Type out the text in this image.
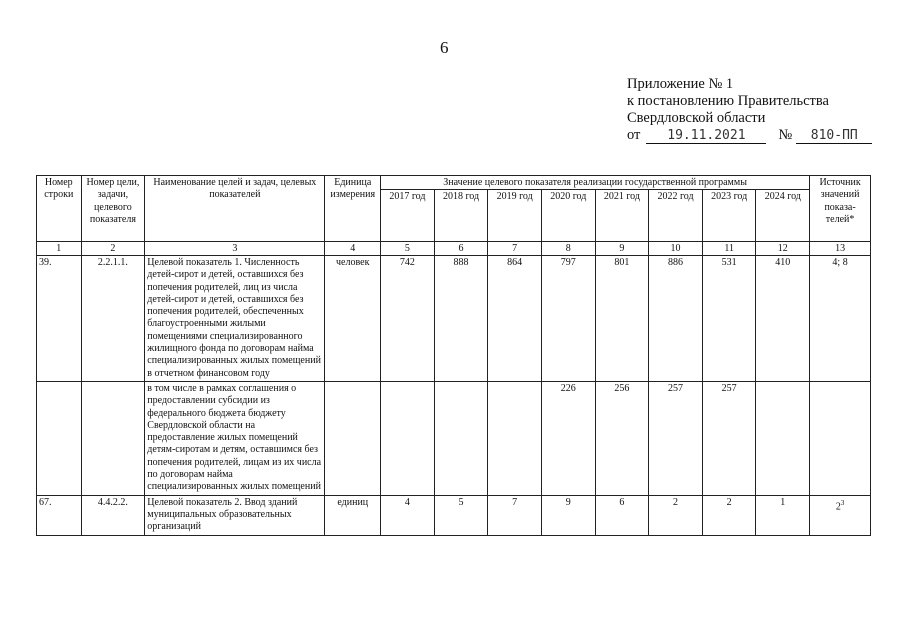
6
Приложение № 1
к постановлению Правительства
Свердловской области
от 19.11.2021 № 810-ПП
Номер строки	Номер цели, задачи, целевого показателя	Наименование целей и задач, целевых показателей	Единица измерения	Значение целевого показателя реализации государственной программы								Источник значений показа-телей*
				2017 год	2018 год	2019 год	2020 год	2021 год	2022 год	2023 год	2024 год	
1	2	3	4	5	6	7	8	9	10	11	12	13
39.	2.2.1.1.	Целевой показатель 1. Численность детей-сирот и детей, оставшихся без попечения родителей, лиц из числа детей-сирот и детей, оставшихся без попечения родителей, обеспеченных благоустроенными жилыми помещениями специализированного жилищного фонда по договорам найма специализированных жилых помещений в отчетном финансовом году	человек	742	888	864	797	801	886	531	410	4; 8
		в том числе в рамках соглашения о предоставлении субсидии из федерального бюджета бюджету Свердловской области на предоставление жилых помещений детям-сиротам и детям, оставшимся без попечения родителей, лицам из их числа по договорам найма специализированных жилых помещений					226	256	257	257		
67.	4.4.2.2.	Целевой показатель 2. Ввод зданий муниципальных образовательных организаций	единиц	4	5	7	9	6	2	2	1	$2^3$
